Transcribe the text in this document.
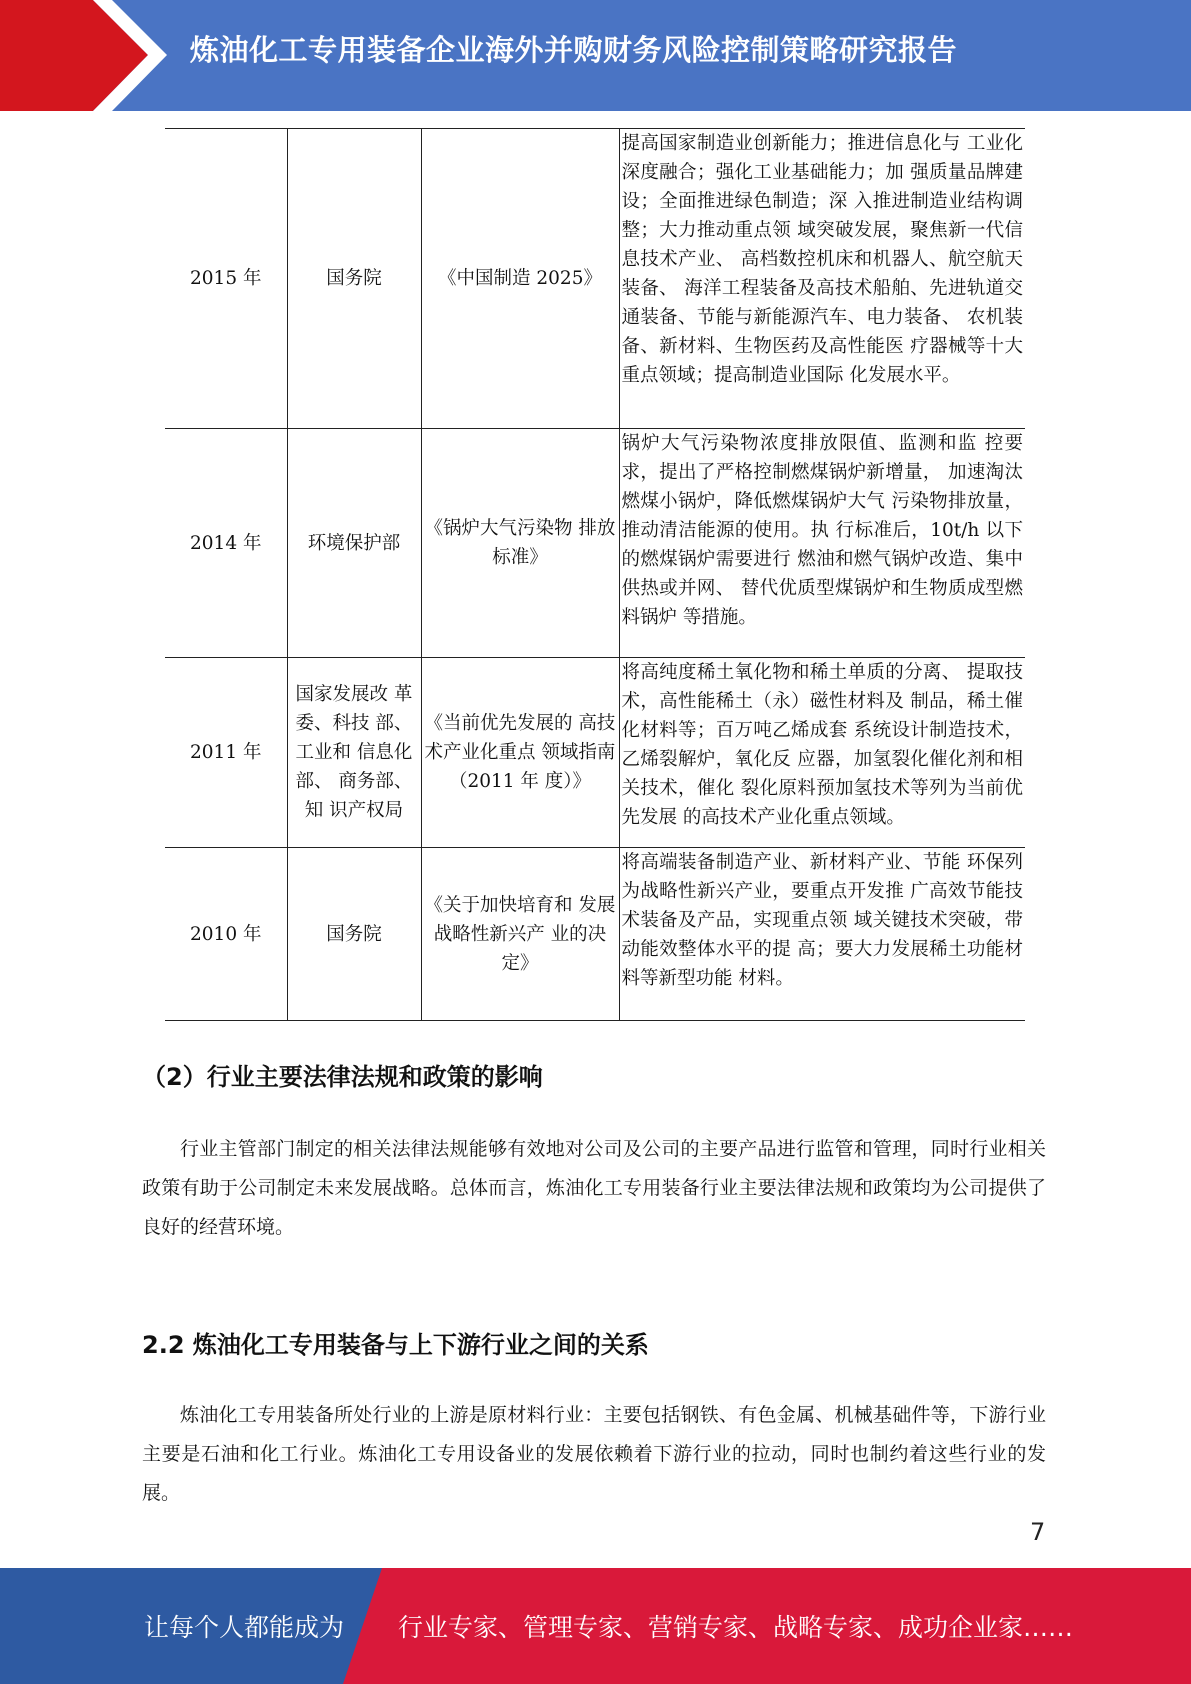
炼油化工专用装备企业海外并购财务风险控制策略研究报告
2015 年	国务院	《中国制造 2025》	提高国家制造业创新能力；推进信息化与 工业化深度融合；强化工业基础能力；加 强质量品牌建设；全面推进绿色制造；深 入推进制造业结构调整；大力推动重点领 域突破发展，聚焦新一代信息技术产业、 高档数控机床和机器人、航空航天装备、 海洋工程装备及高技术船舶、先进轨道交 通装备、节能与新能源汽车、电力装备、 农机装备、新材料、生物医药及高性能医 疗器械等十大重点领域；提高制造业国际 化发展水平。
2014 年	环境保护部	《锅炉大气污染物 排放标准》	锅炉大气污染物浓度排放限值、监测和监 控要求，提出了严格控制燃煤锅炉新增量， 加速淘汰燃煤小锅炉，降低燃煤锅炉大气 污染物排放量，推动清洁能源的使用。执 行标准后，10t/h 以下的燃煤锅炉需要进行 燃油和燃气锅炉改造、集中供热或并网、 替代优质型煤锅炉和生物质成型燃料锅炉 等措施。
2011 年	国家发展改 革委、科技 部、工业和 信息化部、 商务部、知 识产权局	《当前优先发展的 高技术产业化重点 领域指南（2011 年 度）》	将高纯度稀土氧化物和稀土单质的分离、 提取技术，高性能稀土（永）磁性材料及 制品，稀土催化材料等；百万吨乙烯成套 系统设计制造技术，乙烯裂解炉，氧化反 应器，加氢裂化催化剂和相关技术，催化 裂化原料预加氢技术等列为当前优先发展 的高技术产业化重点领域。
2010 年	国务院	《关于加快培育和 发展战略性新兴产 业的决定》	将高端装备制造产业、新材料产业、节能 环保列为战略性新兴产业，要重点开发推 广高效节能技术装备及产品，实现重点领 域关键技术突破，带动能效整体水平的提 高；要大力发展稀土功能材料等新型功能 材料。
（2）行业主要法律法规和政策的影响
行业主管部门制定的相关法律法规能够有效地对公司及公司的主要产品进行监管和管理，同时行业相关政策有助于公司制定未来发展战略。总体而言，炼油化工专用装备行业主要法律法规和政策均为公司提供了良好的经营环境。
2.2 炼油化工专用装备与上下游行业之间的关系
炼油化工专用装备所处行业的上游是原材料行业：主要包括钢铁、有色金属、机械基础件等，下游行业主要是石油和化工行业。炼油化工专用设备业的发展依赖着下游行业的拉动，同时也制约着这些行业的发展。
7
让每个人都能成为 行业专家、管理专家、营销专家、战略专家、成功企业家……
